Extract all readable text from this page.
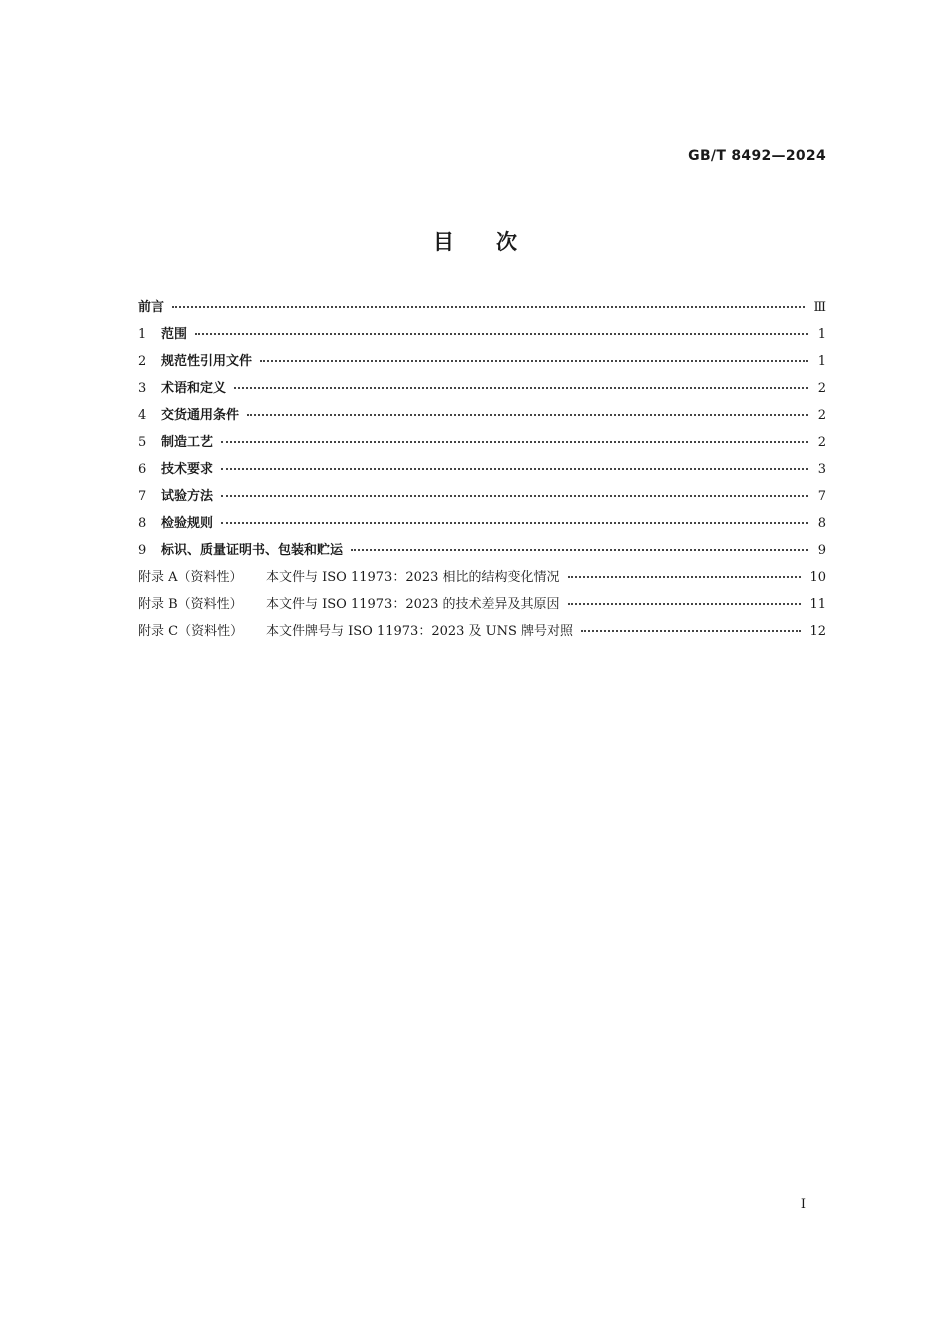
GB/T 8492—2024
目次
前言	Ⅲ
1	范围	1
2	规范性引用文件	1
3	术语和定义	2
4	交货通用条件	2
5	制造工艺	2
6	技术要求	3
7	试验方法	7
8	检验规则	8
9	标识、质量证明书、包装和贮运	9
附录 A（资料性）	本文件与 ISO 11973：2023 相比的结构变化情况	10
附录 B（资料性）	本文件与 ISO 11973：2023 的技术差异及其原因	11
附录 C（资料性）	本文件牌号与 ISO 11973：2023 及 UNS 牌号对照	12
Ⅰ
